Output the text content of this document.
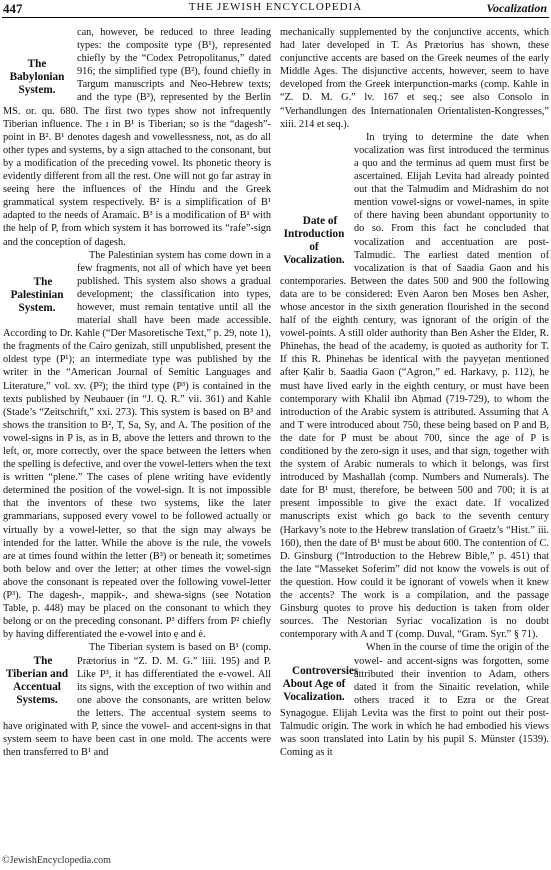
447	THE JEWISH ENCYCLOPEDIA	Vocalization

The Babylonian System.
can, however, be reduced to three leading types: the composite type (B¹), represented chiefly by the “Codex Petropolitanus,” dated 916; the simplified type (B²), found chiefly in Targum manuscripts and Neo-Hebrew texts; and the type (B³), represented by the Berlin MS. or. qu. 680. The first two types show not infrequently Tiberian influence. The ı in B¹ is Tiberian; so is the “dagesh”-point in B². B¹ denotes dagesh and vowellessness, not, as do all other types and systems, by a sign attached to the consonant, but by a modification of the preceding vowel. Its phonetic theory is evidently different from all the rest. One will not go far astray in seeing here the influences of the Hindu and the Greek grammatical system respectively. B² is a simplification of B¹ adapted to the needs of Aramaic. B³ is a modification of B¹ with the help of P, from which system it has borrowed its “rafe”-sign and the conception of dagesh.

The Palestinian System.
The Palestinian system has come down in a few fragments, not all of which have yet been published. This system also shows a gradual development; the classification into types, however, must remain tentative until all the material shall have been made accessible. According to Dr. Kahle (“Der Masoretische Text,” p. 29, note 1), the fragments of the Cairo genizah, still unpublished, present the oldest type (P¹); an intermediate type was published by the writer in the “American Journal of Semitic Languages and Literature,” vol. xv. (P²); the third type (P³) is contained in the texts published by Neubauer (in “J. Q. R.” vii. 361) and Kahle (Stade’s “Zeitschrift,” xxi. 273). This system is based on B³ and shows the transition to B², T, Sa, Sy, and A. The position of the vowel-signs in P is, as in B, above the letters and thrown to the left, or, more correctly, over the space between the letters when the spelling is defective, and over the vowel-letters when the text is written “plene.” The cases of plene writing have evidently determined the position of the vowel-sign. It is not impossible that the inventors of these two systems, like the later grammarians, supposed every vowel to be followed actually or virtually by a vowel-letter, so that the sign may always be intended for the latter. While the above is the rule, the vowels are at times found within the letter (B³) or beneath it; sometimes both below and over the letter; at other times the vowel-sign above the consonant is repeated over the following vowel-letter (P³). The dagesh-, mappik-, and shewa-signs (see Notation Table, p. 448) may be placed on the consonant to which they belong or on the preceding consonant. P³ differs from P² chiefly by having differentiated the e-vowel into ẹ and ė.

The Tiberian and Accentual Systems.
The Tiberian system is based on B¹ (comp. Prætorius in “Z. D. M. G.” liii. 195) and P. Like P³, it has differentiated the e-vowel. All its signs, with the exception of two within and one above the consonants, are written below the letters. The accentual system seems to have originated with P, since the vowel- and accent-signs in that system seem to have been cast in one mold. The accents were then transferred to B¹ and

mechanically supplemented by the conjunctive accents, which had later developed in T. As Prætorius has shown, these conjunctive accents are based on the Greek neumes of the early Middle Ages. The disjunctive accents, however, seem to have developed from the Greek interpunction-marks (comp. Kahle in “Z. D. M. G.” lv. 167 et seq.; see also Consolo in “Verhandlungen des Internationalen Orientalisten-Kongresses,” xiii. 214 et seq.).

Date of Introduction of Vocalization.
In trying to determine the date when vocalization was first introduced the terminus a quo and the terminus ad quem must first be ascertained. Elijah Levita had already pointed out that the Talmudim and Midrashim do not mention vowel-signs or vowel-names, in spite of there having been abundant opportunity to do so. From this fact he concluded that vocalization and accentuation are post-Talmudic. The earliest dated mention of vocalization is that of Saadia Gaon and his contemporaries. Between the dates 500 and 900 the following data are to be considered: Even Aaron ben Moses ben Asher, whose ancestor in the sixth generation flourished in the second half of the eighth century, was ignorant of the origin of the vowel-points. A still older authority than Ben Asher the Elder, R. Phinehas, the head of the academy, is quoted as authority for T. If this R. Phinehas be identical with the payyeṭan mentioned after Ḳalir b. Saadia Gaon (“Agron,” ed. Harkavy, p. 112), he must have lived early in the eighth century, or must have been contemporary with Khalil ibn Aḥmad (719-729), to whom the introduction of the Arabic system is attributed. Assuming that A and T were introduced about 750, these being based on P and B, the date for P must be about 700, since the age of P is conditioned by the zero-sign it uses, and that sign, together with the system of Arabic numerals to which it belongs, was first introduced by Mashallah (comp. Numbers and Numerals). The date for B¹ must, therefore, be between 500 and 700; it is at present impossible to give the exact date. If vocalized manuscripts exist which go back to the seventh century (Harkavy’s note to the Hebrew translation of Graetz’s “Hist.” iii. 160), then the date of B¹ must be about 600. The contention of C. D. Ginsburg (“Introduction to the Hebrew Bible,” p. 451) that the late “Masseket Soferim” did not know the vowels is out of the question. How could it be ignorant of vowels when it knew the accents? The work is a compilation, and the passage Ginsburg quotes to prove his deduction is taken from older sources. The Nestorian Syriac vocalization is no doubt contemporary with A and T (comp. Duval, “Gram. Syr.” § 71).

Controversies About Age of Vocalization.
When in the course of time the origin of the vowel- and accent-signs was forgotten, some attributed their invention to Adam, others dated it from the Sinaitic revelation, while others traced it to Ezra or the Great Synagogue. Elijah Levita was the first to point out their post-Talmudic origin. The work in which he had embodied his views was soon translated into Latin by his pupil S. Münster (1539). Coming as it

©JewishEncyclopedia.com
